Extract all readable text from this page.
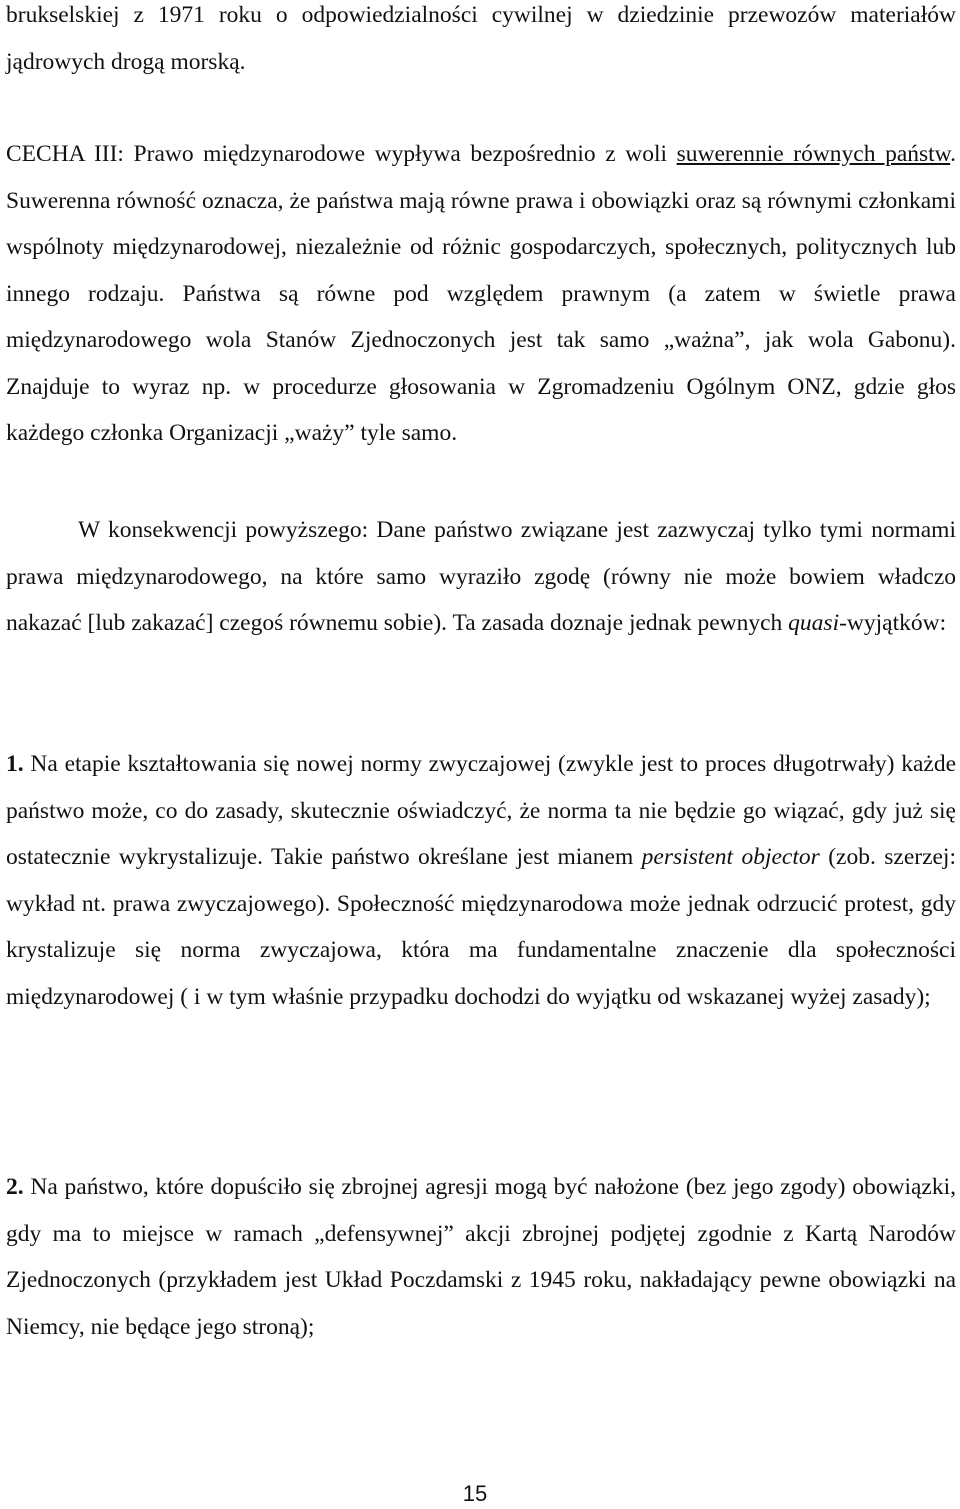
brukselskiej z 1971 roku o odpowiedzialności cywilnej w dziedzinie przewozów materiałów jądrowych drogą morską.

CECHA III: Prawo międzynarodowe wypływa bezpośrednio z woli suwerennie równych państw. Suwerenna równość oznacza, że państwa mają równe prawa i obowiązki oraz są równymi członkami wspólnoty międzynarodowej, niezależnie od różnic gospodarczych, społecznych, politycznych lub innego rodzaju. Państwa są równe pod względem prawnym (a zatem w świetle prawa międzynarodowego wola Stanów Zjednoczonych jest tak samo „ważna”, jak wola Gabonu). Znajduje to wyraz np. w procedurze głosowania w Zgromadzeniu Ogólnym ONZ, gdzie głos każdego członka Organizacji „waży” tyle samo.

W konsekwencji powyższego: Dane państwo związane jest zazwyczaj tylko tymi normami prawa międzynarodowego, na które samo wyraziło zgodę (równy nie może bowiem władczo nakazać [lub zakazać] czegoś równemu sobie). Ta zasada doznaje jednak pewnych quasi-wyjątków:

1. Na etapie kształtowania się nowej normy zwyczajowej (zwykle jest to proces długotrwały) każde państwo może, co do zasady, skutecznie oświadczyć, że norma ta nie będzie go wiązać, gdy już się ostatecznie wykrystalizuje. Takie państwo określane jest mianem persistent objector (zob. szerzej: wykład nt. prawa zwyczajowego). Społeczność międzynarodowa może jednak odrzucić protest, gdy krystalizuje się norma zwyczajowa, która ma fundamentalne znaczenie dla społeczności międzynarodowej ( i w tym właśnie przypadku dochodzi do wyjątku od wskazanej wyżej zasady);

2. Na państwo, które dopuściło się zbrojnej agresji mogą być nałożone (bez jego zgody) obowiązki, gdy ma to miejsce w ramach „defensywnej” akcji zbrojnej podjętej zgodnie z Kartą Narodów Zjednoczonych (przykładem jest Układ Poczdamski z 1945 roku, nakładający pewne obowiązki na Niemcy, nie będące jego stroną);

15
